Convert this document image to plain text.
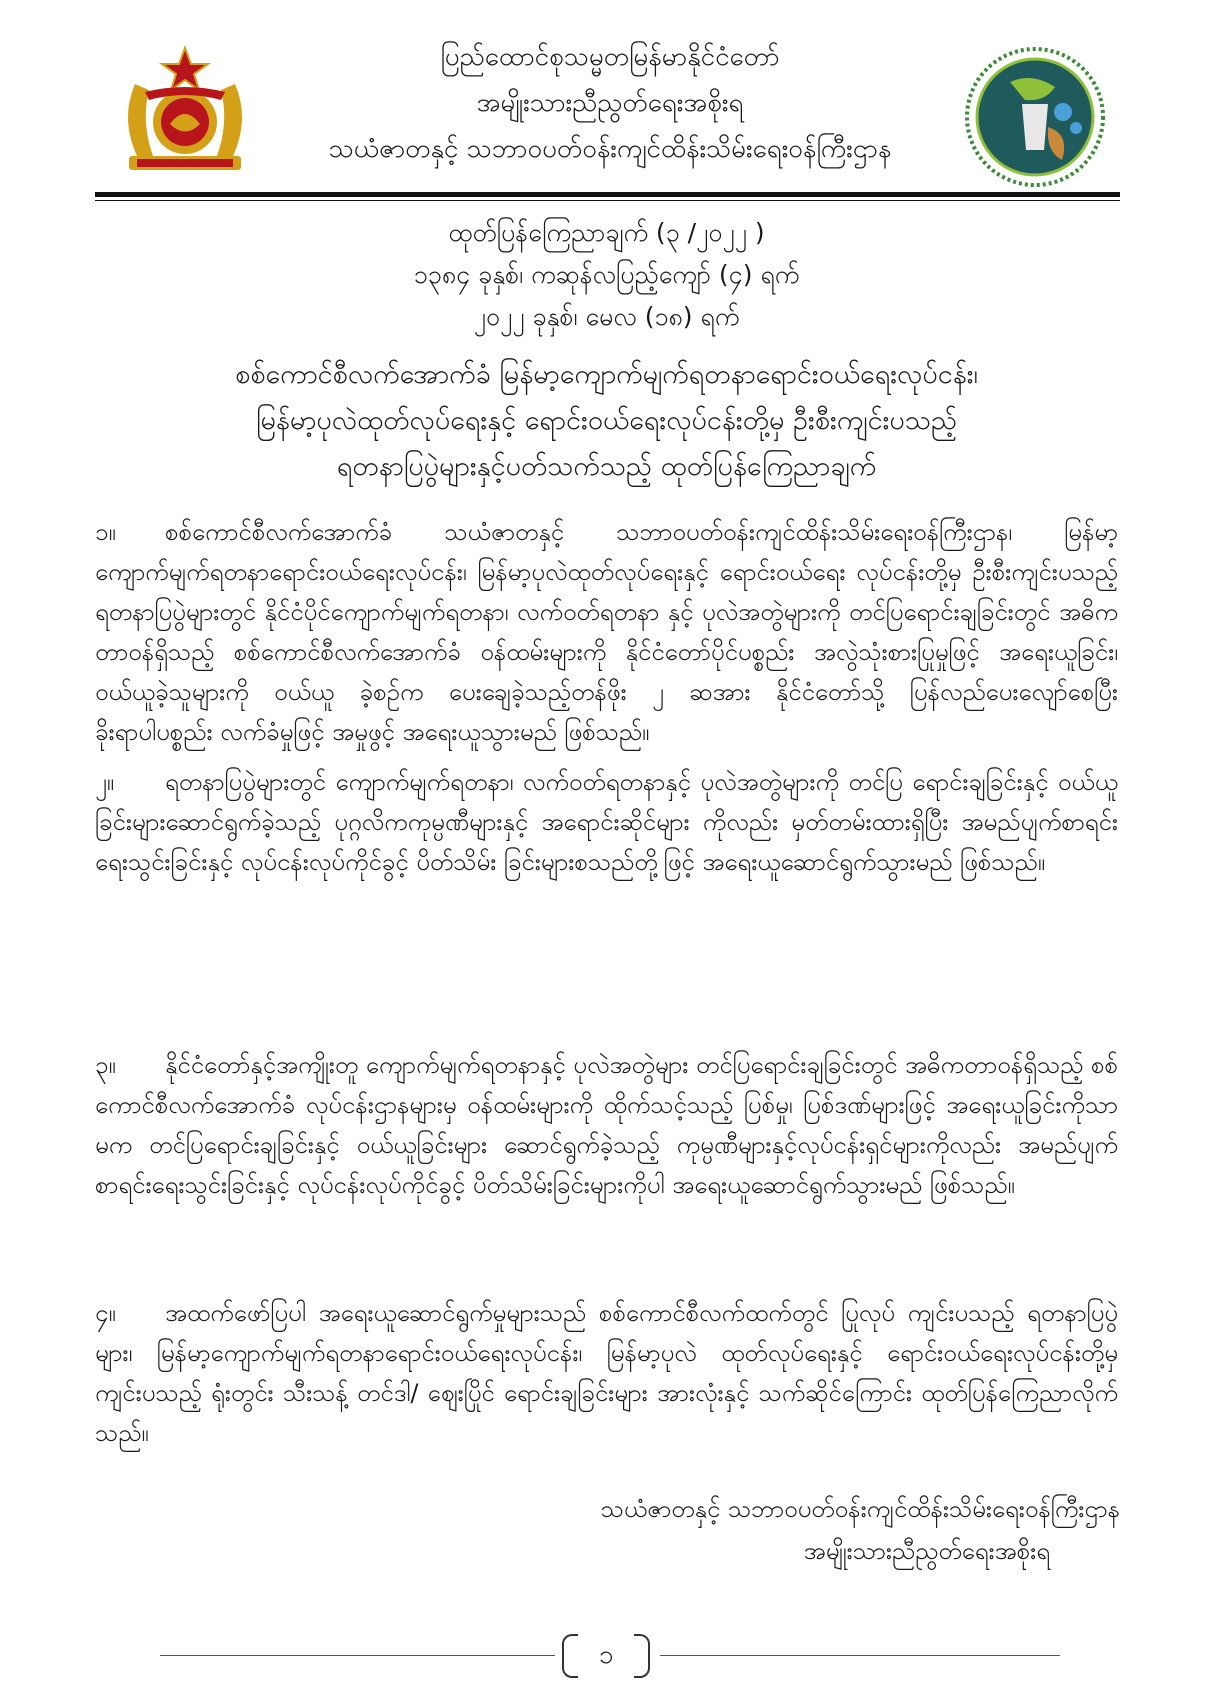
ပြည်ထောင်စုသမ္မတမြန်မာနိုင်ငံတော်
အမျိုးသားညီညွတ်ရေးအစိုးရ
သယံဇာတနှင့် သဘာဝပတ်ဝန်းကျင်ထိန်းသိမ်းရေးဝန်ကြီးဌာန
ထုတ်ပြန်ကြေညာချက် (၃ /၂၀၂၂ )
၁၃၈၄ ခုနှစ်၊ ကဆုန်လပြည့်ကျော် (၄) ရက်
၂၀၂၂ ခုနှစ်၊ မေလ (၁၈) ရက်
စစ်ကောင်စီလက်အောက်ခံ မြန်မာ့ကျောက်မျက်ရတနာရောင်းဝယ်ရေးလုပ်ငန်း၊
မြန်မာ့ပုလဲထုတ်လုပ်ရေးနှင့် ရောင်းဝယ်ရေးလုပ်ငန်းတို့မှ ဦးစီးကျင်းပသည့်
ရတနာပြပွဲများနှင့်ပတ်သက်သည့် ထုတ်ပြန်ကြေညာချက်
၁။ စစ်ကောင်စီလက်အောက်ခံ သယံဇာတနှင့် သဘာဝပတ်ဝန်းကျင်ထိန်းသိမ်းရေးဝန်ကြီးဌာန၊ မြန်မာ့ကျောက်မျက်ရတနာရောင်းဝယ်ရေးလုပ်ငန်း၊ မြန်မာ့ပုလဲထုတ်လုပ်ရေးနှင့် ရောင်းဝယ်ရေး လုပ်ငန်းတို့မှ ဦးစီးကျင်းပသည့် ရတနာပြပွဲများတွင် နိုင်ငံပိုင်ကျောက်မျက်ရတနာ၊ လက်ဝတ်ရတနာ နှင့် ပုလဲအတွဲများကို တင်ပြရောင်းချခြင်းတွင် အဓိကတာဝန်ရှိသည့် စစ်ကောင်စီလက်အောက်ခံ ဝန်ထမ်းများကို နိုင်ငံတော်ပိုင်ပစ္စည်း အလွဲသုံးစားပြုမှုဖြင့် အရေးယူခြင်း၊ ဝယ်ယူခဲ့သူများကို ဝယ်ယူ ခဲ့စဉ်က ပေးချေခဲ့သည့်တန်ဖိုး ၂ ဆအား နိုင်ငံတော်သို့ ပြန်လည်ပေးလျော်စေပြီး ခိုးရာပါပစ္စည်း လက်ခံမှုဖြင့် အမှုဖွင့် အရေးယူသွားမည် ဖြစ်သည်။
၂။ ရတနာပြပွဲများတွင် ကျောက်မျက်ရတနာ၊ လက်ဝတ်ရတနာနှင့် ပုလဲအတွဲများကို တင်ပြ ရောင်းချခြင်းနှင့် ဝယ်ယူခြင်းများဆောင်ရွက်ခဲ့သည့် ပုဂ္ဂလိကကုမ္ပဏီများနှင့် အရောင်းဆိုင်များ ကိုလည်း မှတ်တမ်းထားရှိပြီး အမည်ပျက်စာရင်းရေးသွင်းခြင်းနှင့် လုပ်ငန်းလုပ်ကိုင်ခွင့် ပိတ်သိမ်း ခြင်းများစသည်တို့ဖြင့် အရေးယူဆောင်ရွက်သွားမည် ဖြစ်သည်။
၃။ နိုင်ငံတော်နှင့်အကျိုးတူ ကျောက်မျက်ရတနာနှင့် ပုလဲအတွဲများ တင်ပြရောင်းချခြင်းတွင် အဓိကတာဝန်ရှိသည့် စစ်ကောင်စီလက်အောက်ခံ လုပ်ငန်းဌာနများမှ ဝန်ထမ်းများကို ထိုက်သင့်သည့် ပြစ်မှု၊ ပြစ်ဒဏ်များဖြင့် အရေးယူခြင်းကိုသာမက တင်ပြရောင်းချခြင်းနှင့် ဝယ်ယူခြင်းများ ဆောင်ရွက်ခဲ့သည့် ကုမ္ပဏီများနှင့်လုပ်ငန်းရှင်များကိုလည်း အမည်ပျက်စာရင်းရေးသွင်းခြင်းနှင့် လုပ်ငန်းလုပ်ကိုင်ခွင့် ပိတ်သိမ်းခြင်းများကိုပါ အရေးယူဆောင်ရွက်သွားမည် ဖြစ်သည်။
၄။ အထက်ဖော်ပြပါ အရေးယူဆောင်ရွက်မှုများသည် စစ်ကောင်စီလက်ထက်တွင် ပြုလုပ် ကျင်းပသည့် ရတနာပြပွဲများ၊ မြန်မာ့ကျောက်မျက်ရတနာရောင်းဝယ်ရေးလုပ်ငန်း၊ မြန်မာ့ပုလဲ ထုတ်လုပ်ရေးနှင့် ရောင်းဝယ်ရေးလုပ်ငန်းတို့မှ ကျင်းပသည့် ရုံးတွင်း သီးသန့် တင်ဒါ/ ဈေးပြိုင် ရောင်းချခြင်းများ အားလုံးနှင့် သက်ဆိုင်ကြောင်း ထုတ်ပြန်ကြေညာလိုက်သည်။
သယံဇာတနှင့် သဘာဝပတ်ဝန်းကျင်ထိန်းသိမ်းရေးဝန်ကြီးဌာန
အမျိုးသားညီညွတ်ရေးအစိုးရ
၁
